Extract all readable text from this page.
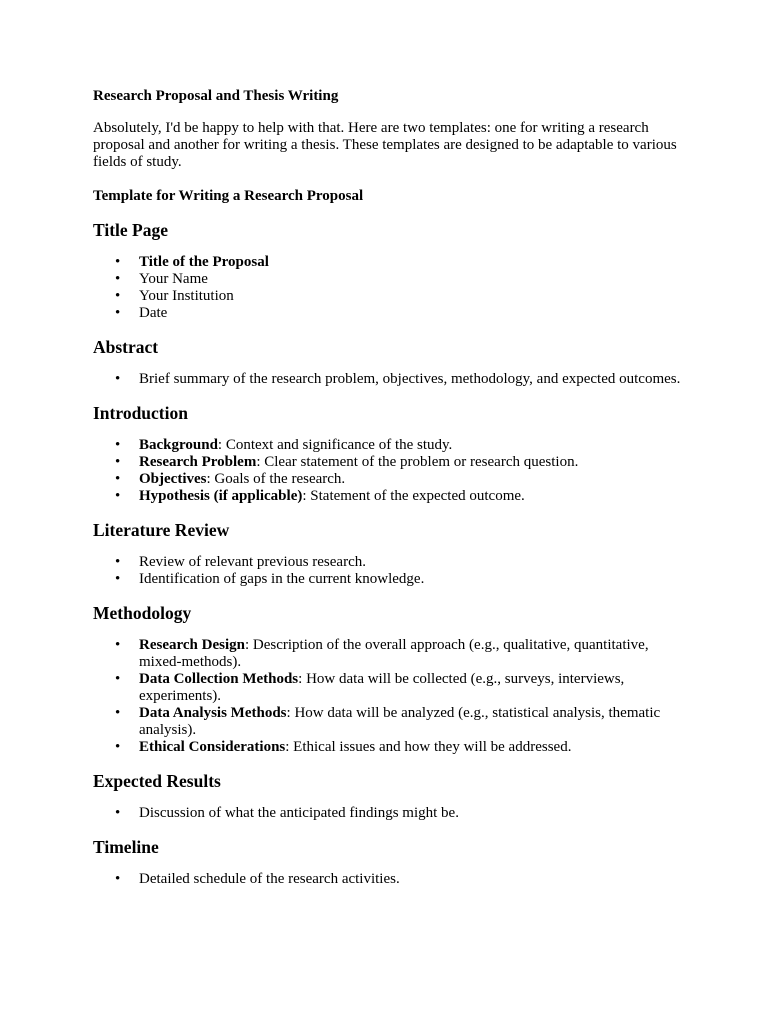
Research Proposal and Thesis Writing

Absolutely, I'd be happy to help with that. Here are two templates: one for writing a research proposal and another for writing a thesis. These templates are designed to be adaptable to various fields of study.

Template for Writing a Research Proposal
Title Page
• Title of the Proposal
• Your Name
• Your Institution
• Date
Abstract
• Brief summary of the research problem, objectives, methodology, and expected outcomes.
Introduction
• Background: Context and significance of the study.
• Research Problem: Clear statement of the problem or research question.
• Objectives: Goals of the research.
• Hypothesis (if applicable): Statement of the expected outcome.
Literature Review
• Review of relevant previous research.
• Identification of gaps in the current knowledge.
Methodology
• Research Design: Description of the overall approach (e.g., qualitative, quantitative, mixed-methods).
• Data Collection Methods: How data will be collected (e.g., surveys, interviews, experiments).
• Data Analysis Methods: How data will be analyzed (e.g., statistical analysis, thematic analysis).
• Ethical Considerations: Ethical issues and how they will be addressed.
Expected Results
• Discussion of what the anticipated findings might be.
Timeline
• Detailed schedule of the research activities.
